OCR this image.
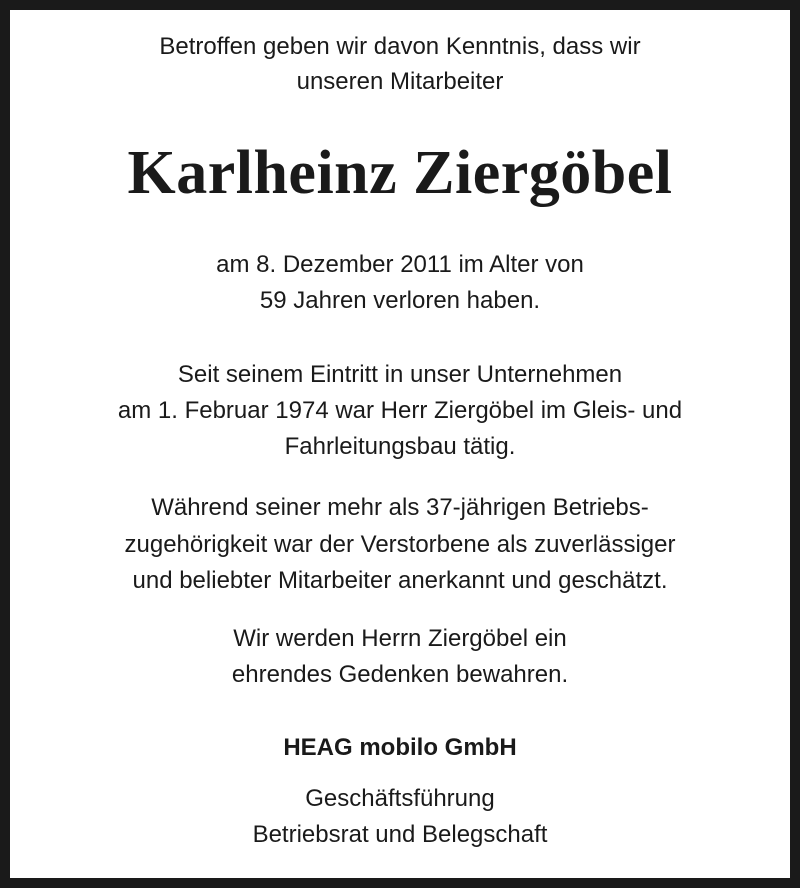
Betroffen geben wir davon Kenntnis, dass wir
unseren Mitarbeiter
Karlheinz Ziergöbel
am 8. Dezember 2011 im Alter von
59 Jahren verloren haben.
Seit seinem Eintritt in unser Unternehmen
am 1. Februar 1974 war Herr Ziergöbel im Gleis- und
Fahrleitungsbau tätig.
Während seiner mehr als 37-jährigen Betriebs-
zugehörigkeit war der Verstorbene als zuverlässiger
und beliebter Mitarbeiter anerkannt und geschätzt.
Wir werden Herrn Ziergöbel ein
ehrendes Gedenken bewahren.
HEAG mobilo GmbH
Geschäftsführung
Betriebsrat und Belegschaft
